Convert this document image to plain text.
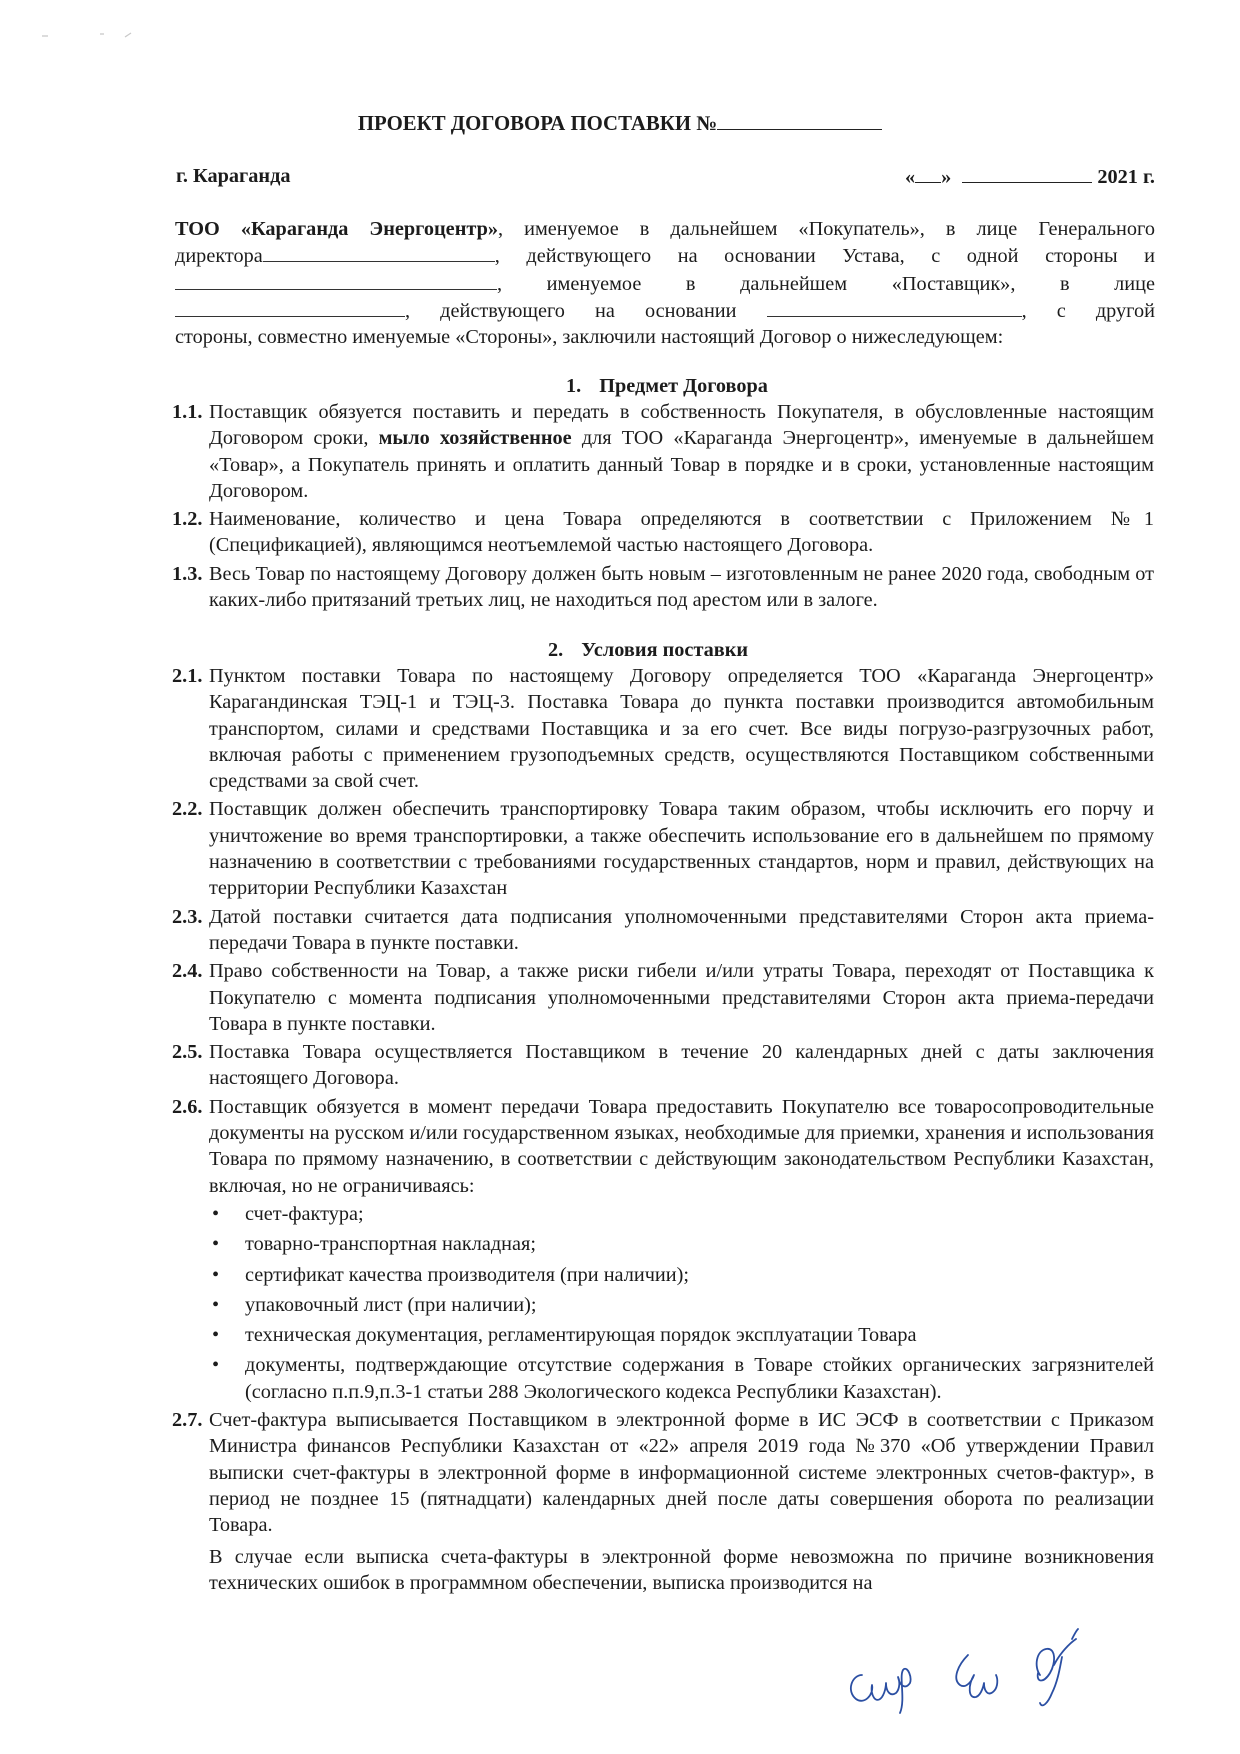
ПРОЕКТ ДОГОВОРА ПОСТАВКИ №
г. Караганда	« »	2021 г.

ТОО «Караганда Энергоцентр», именуемое в дальнейшем «Покупатель», в лице Генерального

директора	, действующего на основании Устава, с одной стороны и

, именуемое в дальнейшем «Поставщик», в лице

, действующего на основании	, с другой

стороны, совместно именуемые «Стороны», заключили настоящий Договор о нижеследующем:

1. Предмет Договора
1.1. Поставщик обязуется поставить и передать в собственность Покупателя, в обусловленные настоящим Договором сроки, мыло хозяйственное для ТОО «Караганда Энергоцентр», именуемые в дальнейшем «Товар», а Покупатель принять и оплатить данный Товар в порядке и в сроки, установленные настоящим Договором.
1.2. Наименование, количество и цена Товара определяются в соответствии с Приложением №1 (Спецификацией), являющимся неотъемлемой частью настоящего Договора.
1.3. Весь Товар по настоящему Договору должен быть новым – изготовленным не ранее 2020 года, свободным от каких-либо притязаний третьих лиц, не находиться под арестом или в залоге.
2. Условия поставки
2.1. Пунктом поставки Товара по настоящему Договору определяется ТОО «Караганда Энергоцентр» Карагандинская ТЭЦ-1 и ТЭЦ-3. Поставка Товара до пункта поставки производится автомобильным транспортом, силами и средствами Поставщика и за его счет. Все виды погрузо-разгрузочных работ, включая работы с применением грузоподъемных средств, осуществляются Поставщиком собственными средствами за свой счет.
2.2. Поставщик должен обеспечить транспортировку Товара таким образом, чтобы исключить его порчу и уничтожение во время транспортировки, а также обеспечить использование его в дальнейшем по прямому назначению в соответствии с требованиями государственных стандартов, норм и правил, действующих на территории Республики Казахстан
2.3. Датой поставки считается дата подписания уполномоченными представителями Сторон акта приема-передачи Товара в пункте поставки.
2.4. Право собственности на Товар, а также риски гибели и/или утраты Товара, переходят от Поставщика к Покупателю с момента подписания уполномоченными представителями Сторон акта приема-передачи Товара в пункте поставки.
2.5. Поставка Товара осуществляется Поставщиком в течение 20 календарных дней с даты заключения настоящего Договора.
2.6. Поставщик обязуется в момент передачи Товара предоставить Покупателю все товаросопроводительные документы на русском и/или государственном языках, необходимые для приемки, хранения и использования Товара по прямому назначению, в соответствии с действующим законодательством Республики Казахстан, включая, но не ограничиваясь:
• счет-фактура;
• товарно-транспортная накладная;
• сертификат качества производителя (при наличии);
• упаковочный лист (при наличии);
• техническая документация, регламентирующая порядок эксплуатации Товара
• документы, подтверждающие отсутствие содержания в Товаре стойких органических загрязнителей (согласно п.п.9,п.3-1 статьи 288 Экологического кодекса Республики Казахстан).
2.7. Счет-фактура выписывается Поставщиком в электронной форме в ИС ЭСФ в соответствии с Приказом Министра финансов Республики Казахстан от «22» апреля 2019 года №370 «Об утверждении Правил выписки счет-фактуры в электронной форме в информационной системе электронных счетов-фактур», в период не позднее 15 (пятнадцати) календарных дней после даты совершения оборота по реализации Товара.
В случае если выписка счета-фактуры в электронной форме невозможна по причине возникновения технических ошибок в программном обеспечении, выписка производится на
